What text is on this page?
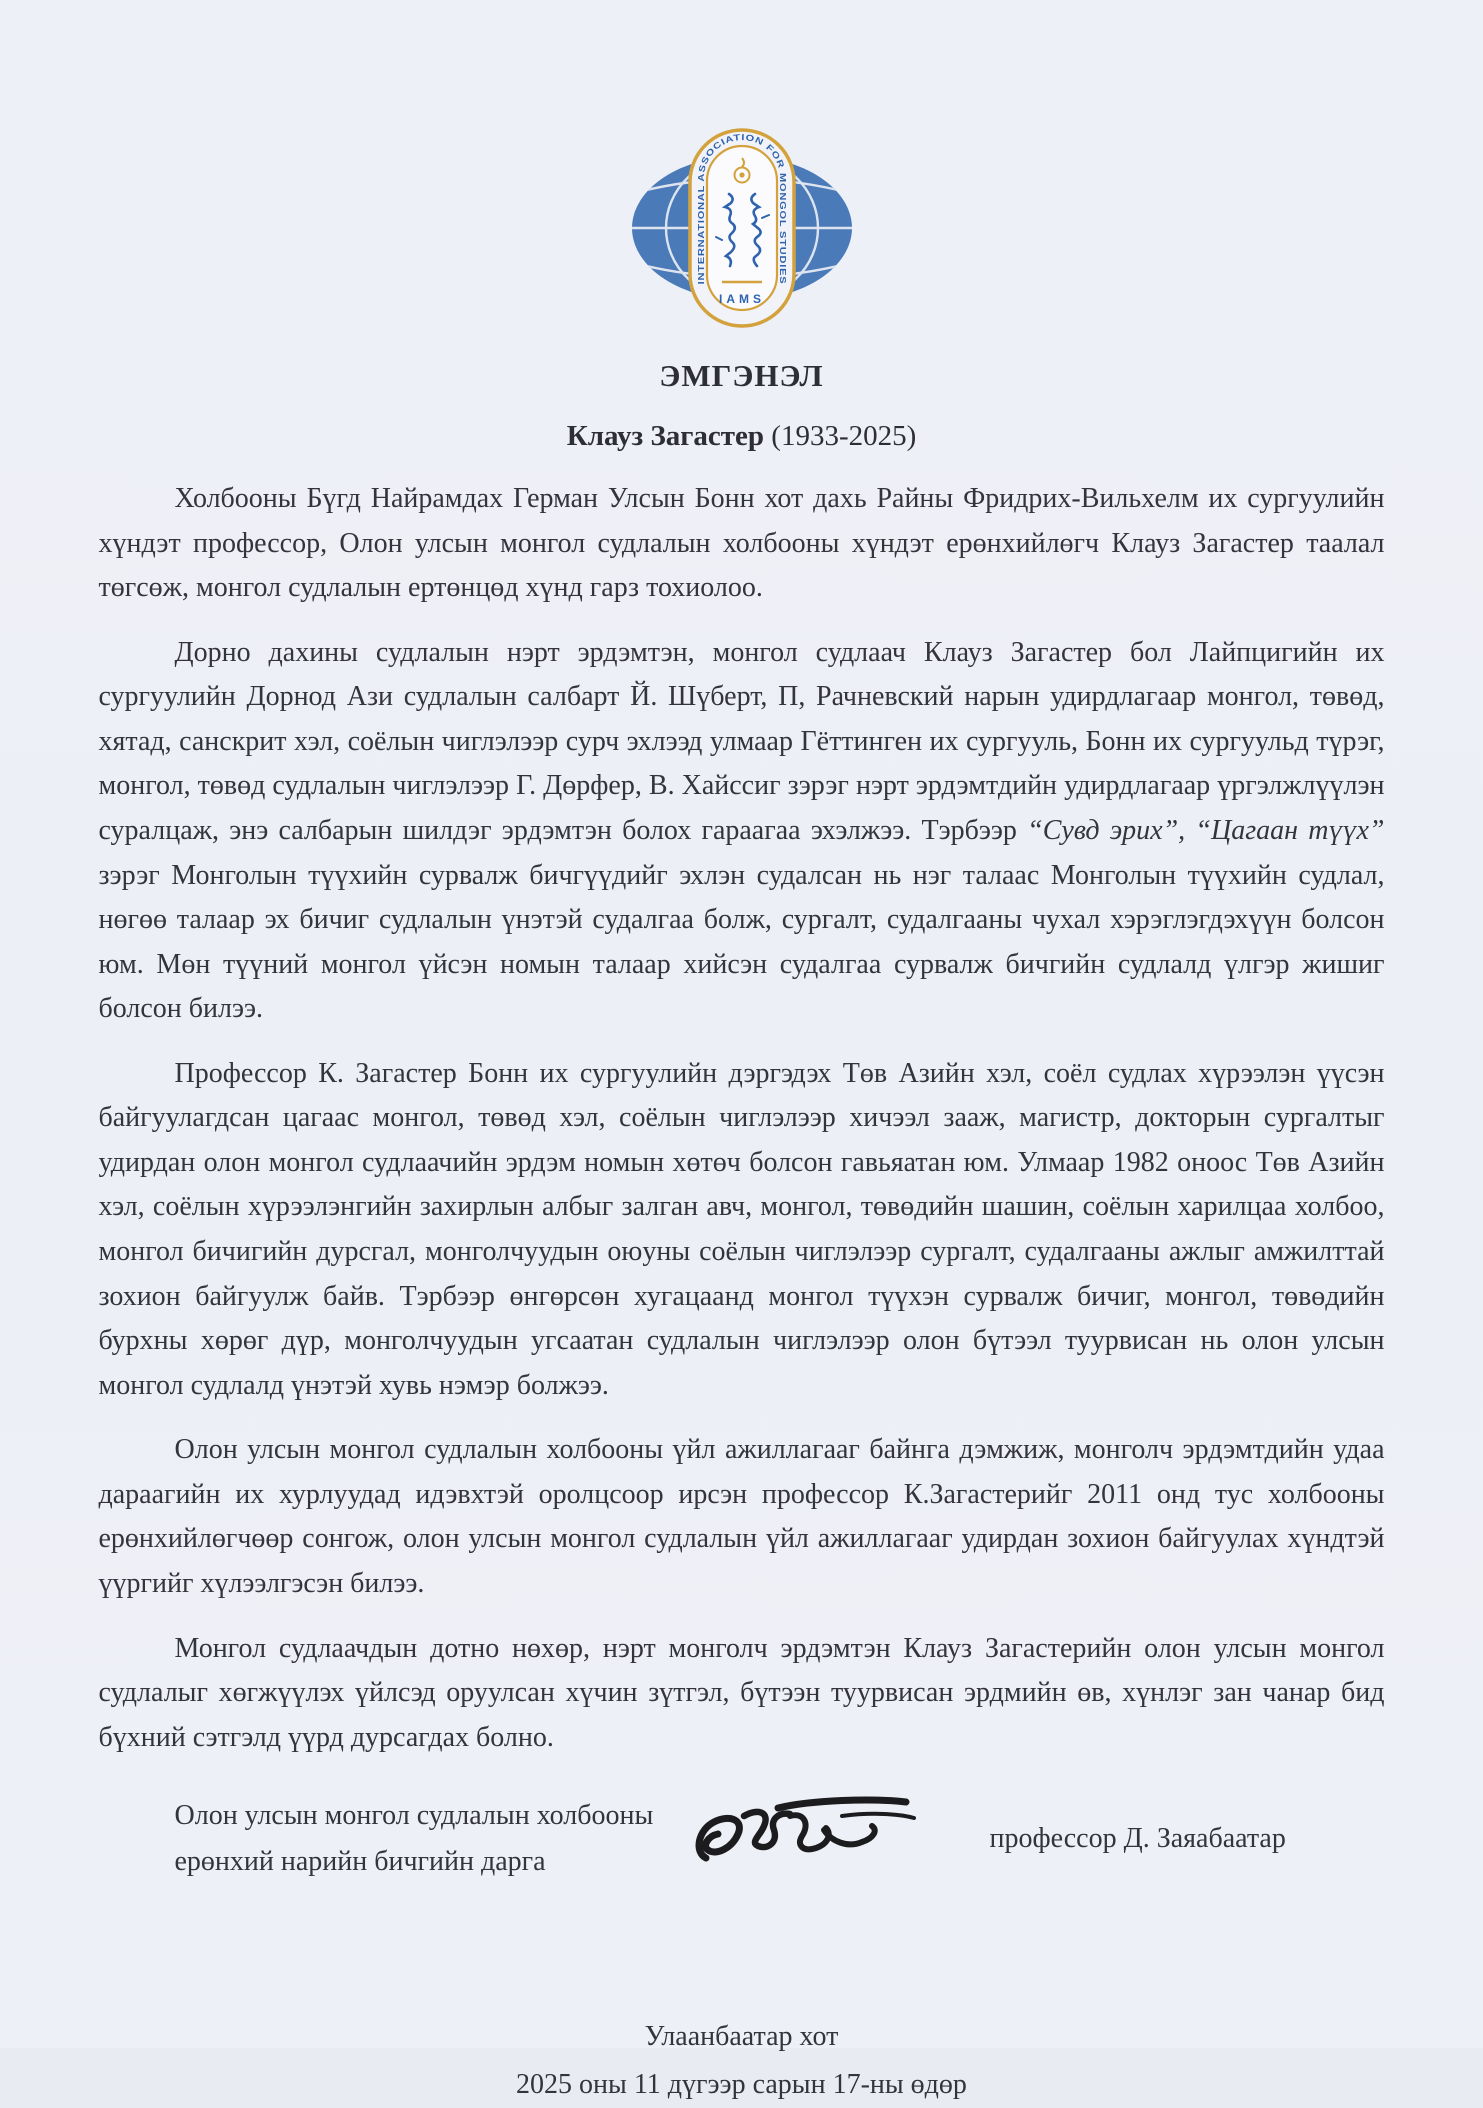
INTERNATIONAL ASSOCIATION FOR MONGOL STUDIES
IAMS
ЭМГЭНЭЛ
Клауз Загастер (1933-2025)

Холбооны Бүгд Найрамдах Герман Улсын Бонн хот дахь Райны Фридрих-Вильхелм их сургуулийн хүндэт профессор, Олон улсын монгол судлалын холбооны хүндэт ерөнхийлөгч Клауз Загастер таалал төгсөж, монгол судлалын ертөнцөд хүнд гарз тохиолоо.

Дорно дахины судлалын нэрт эрдэмтэн, монгол судлаач Клауз Загастер бол Лайпцигийн их сургуулийн Дорнод Ази судлалын салбарт Й. Шүберт, П, Рачневский нарын удирдлагаар монгол, төвөд, хятад, санскрит хэл, соёлын чиглэлээр сурч эхлээд улмаар Гёттинген их сургууль, Бонн их сургуульд түрэг, монгол, төвөд судлалын чиглэлээр Г. Дөрфер, В. Хайссиг зэрэг нэрт эрдэмтдийн удирдлагаар үргэлжлүүлэн суралцаж, энэ салбарын шилдэг эрдэмтэн болох гараагаа эхэлжээ. Тэрбээр “Сувд эрих”, “Цагаан түүх” зэрэг Монголын түүхийн сурвалж бичгүүдийг эхлэн судалсан нь нэг талаас Монголын түүхийн судлал, нөгөө талаар эх бичиг судлалын үнэтэй судалгаа болж, сургалт, судалгааны чухал хэрэглэгдэхүүн болсон юм. Мөн түүний монгол үйсэн номын талаар хийсэн судалгаа сурвалж бичгийн судлалд үлгэр жишиг болсон билээ.

Профессор К. Загастер Бонн их сургуулийн дэргэдэх Төв Азийн хэл, соёл судлах хүрээлэн үүсэн байгуулагдсан цагаас монгол, төвөд хэл, соёлын чиглэлээр хичээл зааж, магистр, докторын сургалтыг удирдан олон монгол судлаачийн эрдэм номын хөтөч болсон гавьяатан юм. Улмаар 1982 оноос Төв Азийн хэл, соёлын хүрээлэнгийн захирлын албыг залган авч, монгол, төвөдийн шашин, соёлын харилцаа холбоо, монгол бичигийн дурсгал, монголчуудын оюуны соёлын чиглэлээр сургалт, судалгааны ажлыг амжилттай зохион байгуулж байв. Тэрбээр өнгөрсөн хугацаанд монгол түүхэн сурвалж бичиг, монгол, төвөдийн бурхны хөрөг дүр, монголчуудын угсаатан судлалын чиглэлээр олон бүтээл туурвисан нь олон улсын монгол судлалд үнэтэй хувь нэмэр болжээ.

Олон улсын монгол судлалын холбооны үйл ажиллагааг байнга дэмжиж, монголч эрдэмтдийн удаа дараагийн их хурлуудад идэвхтэй оролцсоор ирсэн профессор К.Загастерийг 2011 онд тус холбооны ерөнхийлөгчөөр сонгож, олон улсын монгол судлалын үйл ажиллагааг удирдан зохион байгуулах хүндтэй үүргийг хүлээлгэсэн билээ.

Монгол судлаачдын дотно нөхөр, нэрт монголч эрдэмтэн Клауз Загастерийн олон улсын монгол судлалыг хөгжүүлэх үйлсэд оруулсан хүчин зүтгэл, бүтээн туурвисан эрдмийн өв, хүнлэг зан чанар бид бүхний сэтгэлд үүрд дурсагдах болно.

Олон улсын монгол судлалын холбооны
ерөнхий нарийн бичгийн дарга
профессор Д. Заяабаатар
Улаанбаатар хот
2025 оны 11 дүгээр сарын 17-ны өдөр
